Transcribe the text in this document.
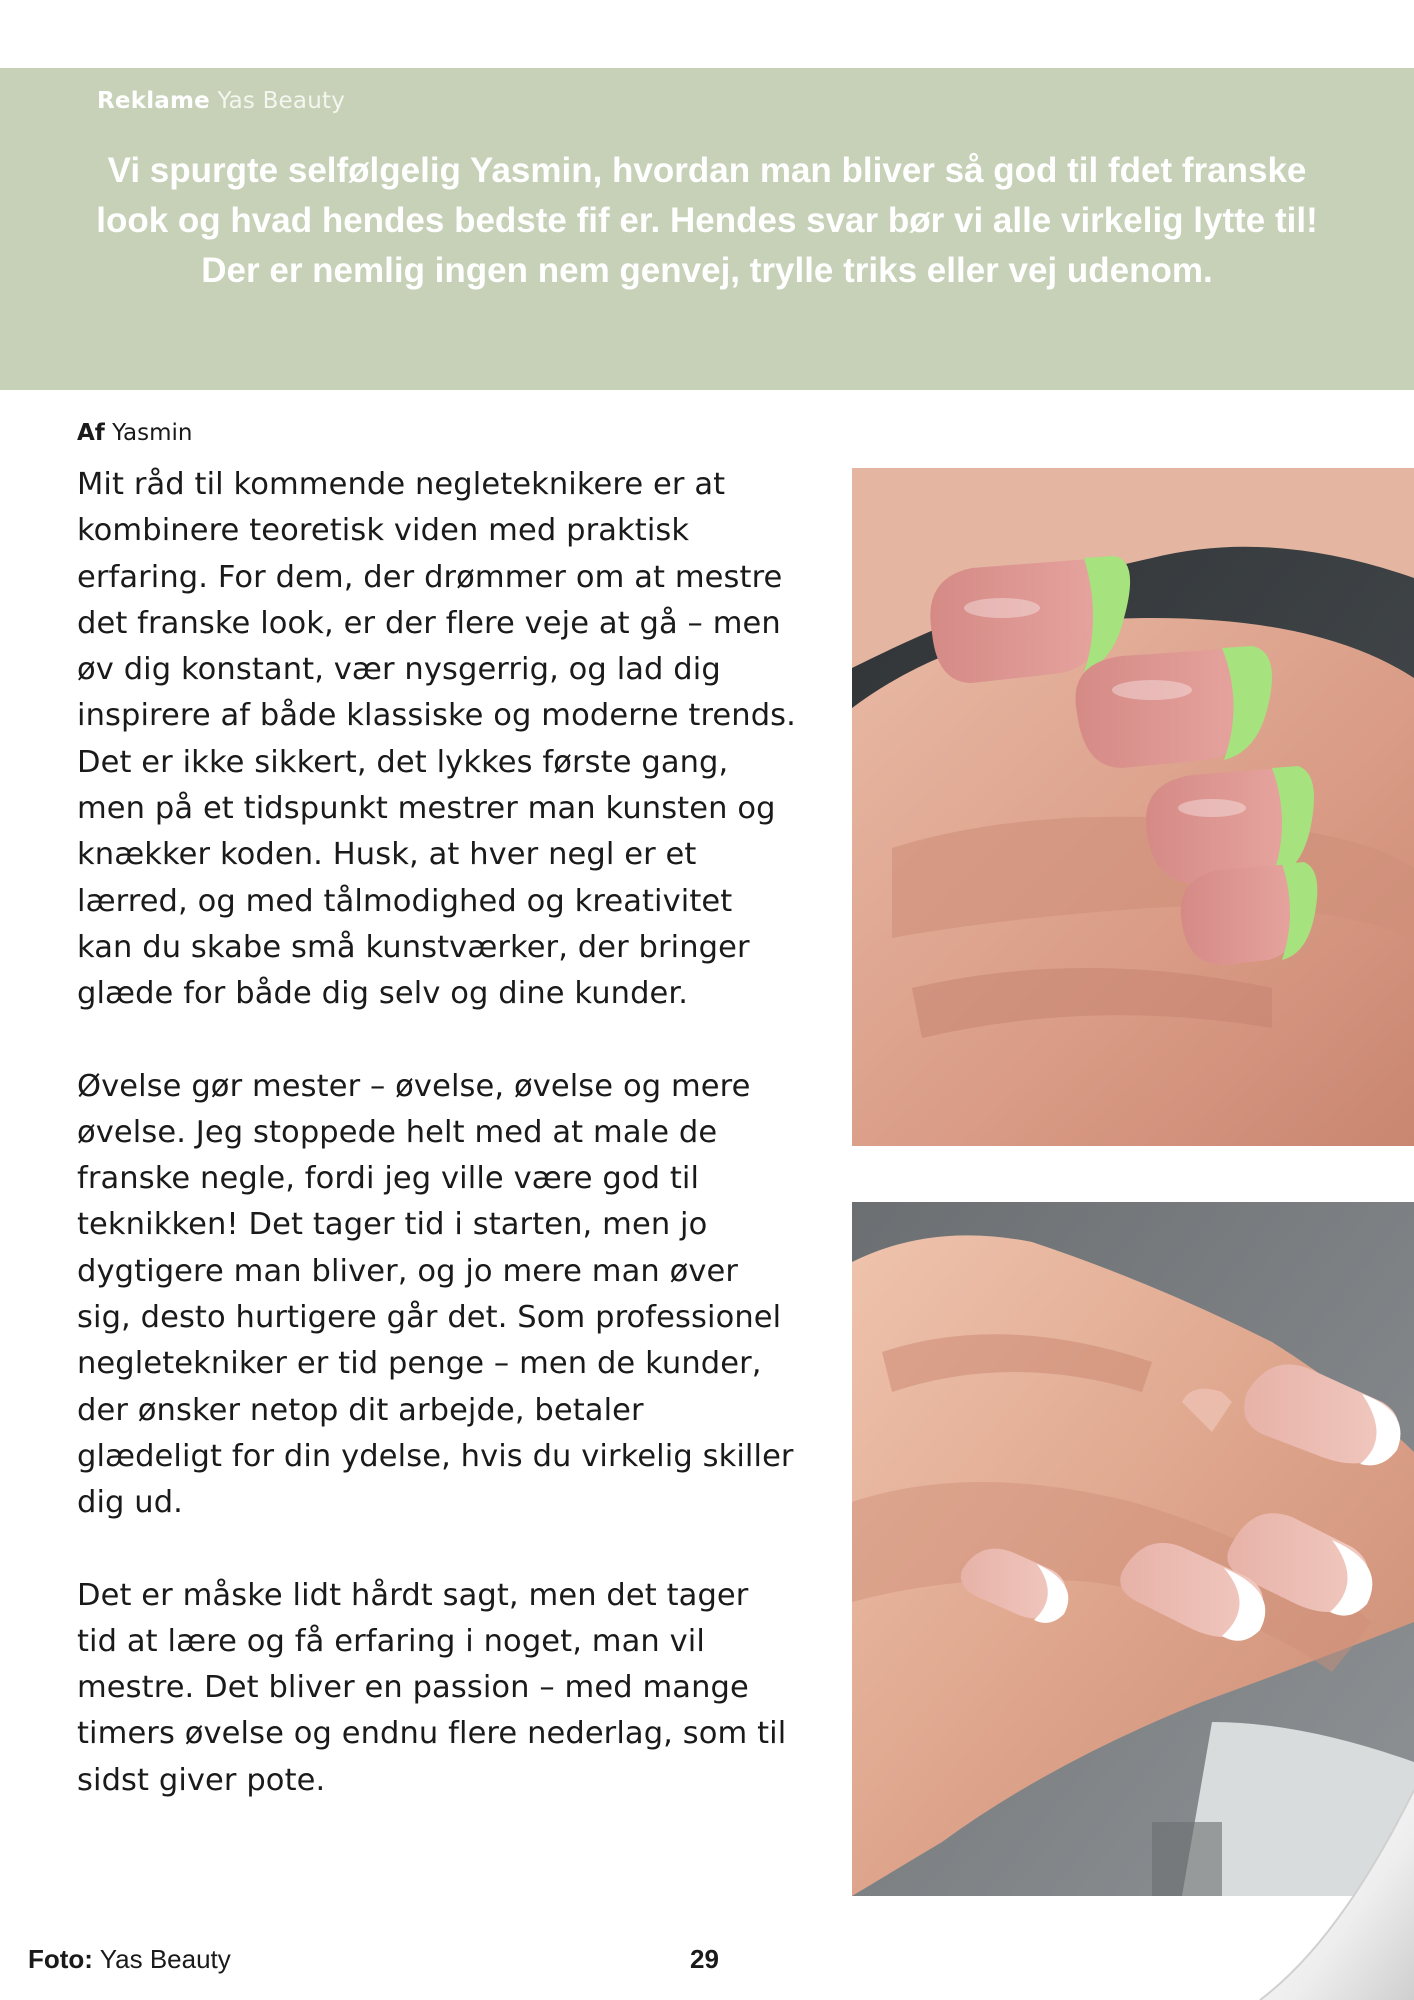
Reklame Yas Beauty
Vi spurgte selfølgelig Yasmin, hvordan man bliver så god til fdet franske look og hvad hendes bedste fif er. Hendes svar bør vi alle virkelig lytte til! Der er nemlig ingen nem genvej, trylle triks eller vej udenom.
Af Yasmin

Mit råd til kommende negleteknikere er at kombinere teoretisk viden med praktisk erfaring. For dem, der drømmer om at mestre det franske look, er der flere veje at gå – men øv dig konstant, vær nysgerrig, og lad dig inspirere af både klassiske og moderne trends. Det er ikke sikkert, det lykkes første gang, men på et tidspunkt mestrer man kunsten og knækker koden. Husk, at hver negl er et lærred, og med tålmodighed og kreativitet kan du skabe små kunstværker, der bringer glæde for både dig selv og dine kunder.

Øvelse gør mester – øvelse, øvelse og mere øvelse. Jeg stoppede helt med at male de franske negle, fordi jeg ville være god til teknikken! Det tager tid i starten, men jo dygtigere man bliver, og jo mere man øver sig, desto hurtigere går det. Som professionel negletekniker er tid penge – men de kunder, der ønsker netop dit arbejde, betaler glædeligt for din ydelse, hvis du virkelig skiller dig ud.

Det er måske lidt hårdt sagt, men det tager tid at lære og få erfaring i noget, man vil mestre. Det bliver en passion – med mange timers øvelse og endnu flere nederlag, som til sidst giver pote.

Foto: Yas Beauty	29
